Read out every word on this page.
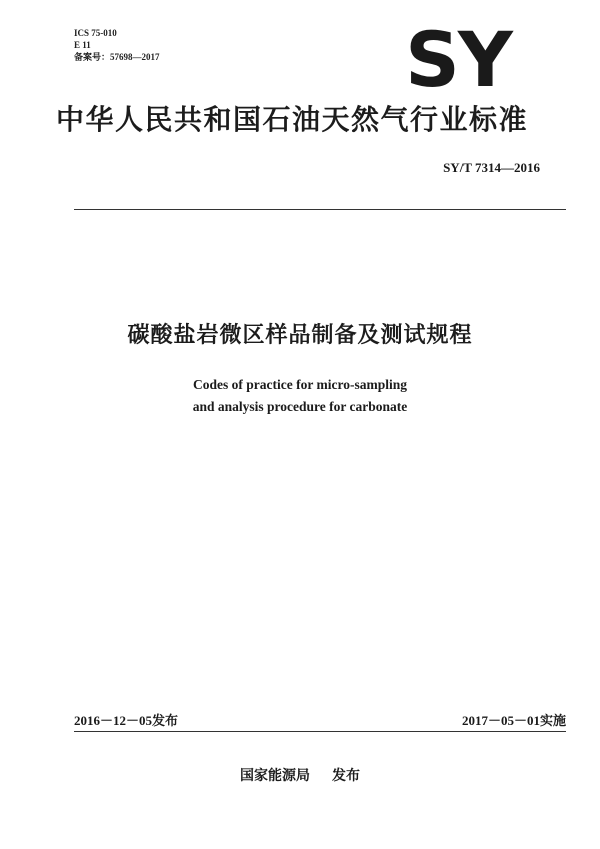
ICS 75-010
E 11
备案号：57698—2017	SY
中华人民共和国石油天然气行业标准
SY/T 7314—2016
碳酸盐岩微区样品制备及测试规程
Codes of practice for micro-sampling
and analysis procedure for carbonate
2016－12－05发布	2017－05－01实施
国家能源局 发布
